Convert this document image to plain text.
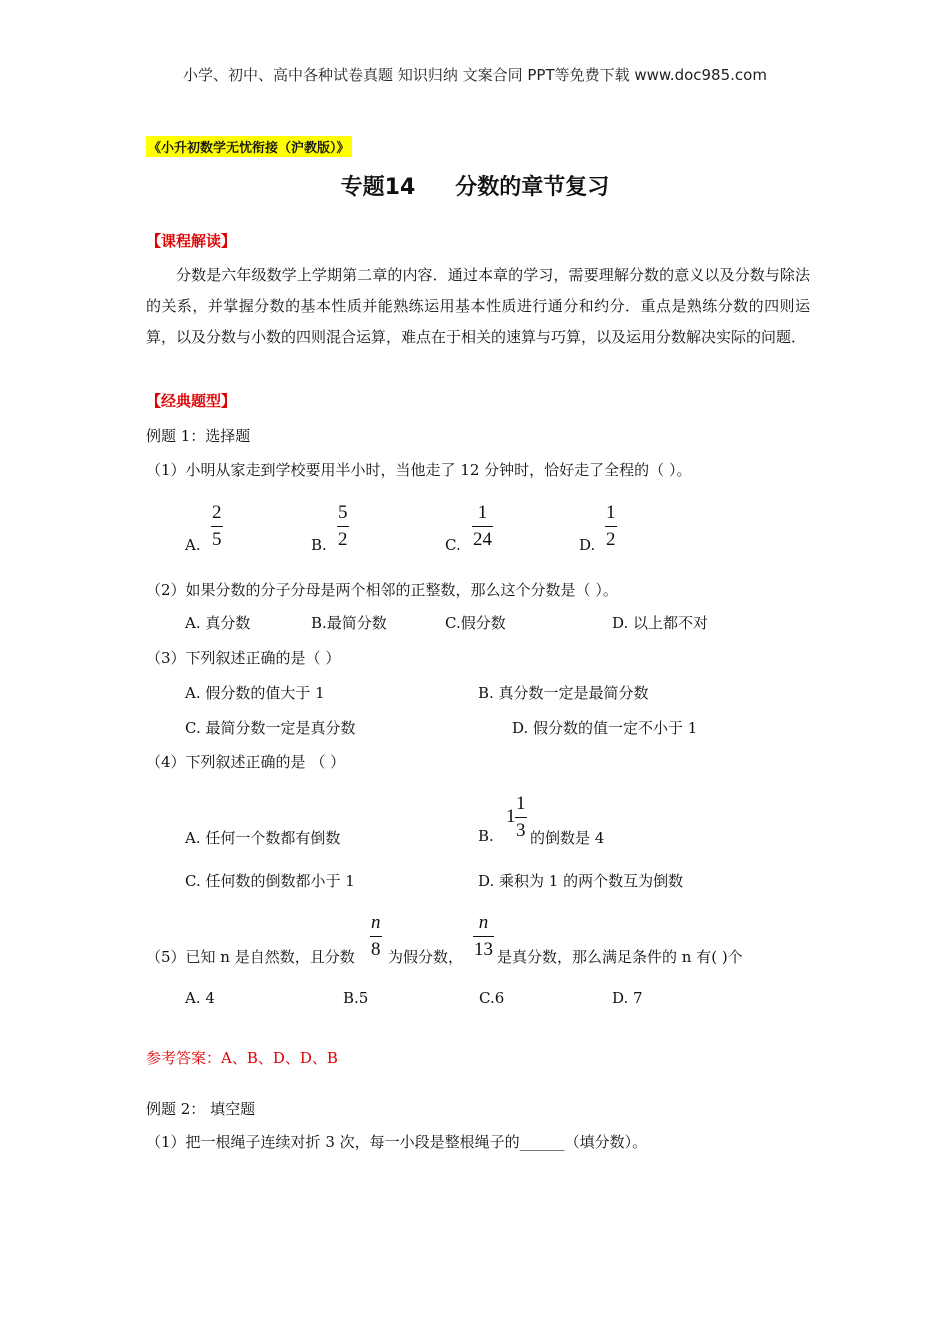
小学、初中、高中各种试卷真题 知识归纳 文案合同 PPT等免费下载 www.doc985.com
《小升初数学无忧衔接（沪教版）》
专题14 分数的章节复习
【课程解读】
分数是六年级数学上学期第二章的内容．通过本章的学习，需要理解分数的意义以及分数与除法的关系，并掌握分数的基本性质并能熟练运用基本性质进行通分和约分．重点是熟练分数的四则运算，以及分数与小数的四则混合运算，难点在于相关的速算与巧算，以及运用分数解决实际的问题．
【经典题型】
例题 1：选择题
（1）小明从家走到学校要用半小时，当他走了 12 分钟时，恰好走了全程的（ ）。
A.
2
5	B.
5
2	C.
1
24	D.
1
2
（2）如果分数的分子分母是两个相邻的正整数，那么这个分数是（ ）。
A. 真分数	B.最简分数	C.假分数	D. 以上都不对
（3）下列叙述正确的是（ ）
A. 假分数的值大于 1	B. 真分数一定是最简分数
C. 最简分数一定是真分数	D. 假分数的值一定不小于 1
（4）下列叙述正确的是 （ ）
A. 任何一个数都有倒数	B.
1
1
3 的倒数是 4
C. 任何数的倒数都小于 1	D. 乘积为 1 的两个数互为倒数
（5）已知 n 是自然数，且分数
n
8 为假分数，
n
13 是真分数，那么满足条件的 n 有( )个
A. 4	B.5	C.6	D. 7
参考答案：A、B、D、D、B
例题 2： 填空题
（1）把一根绳子连续对折 3 次，每一小段是整根绳子的______（填分数）。
